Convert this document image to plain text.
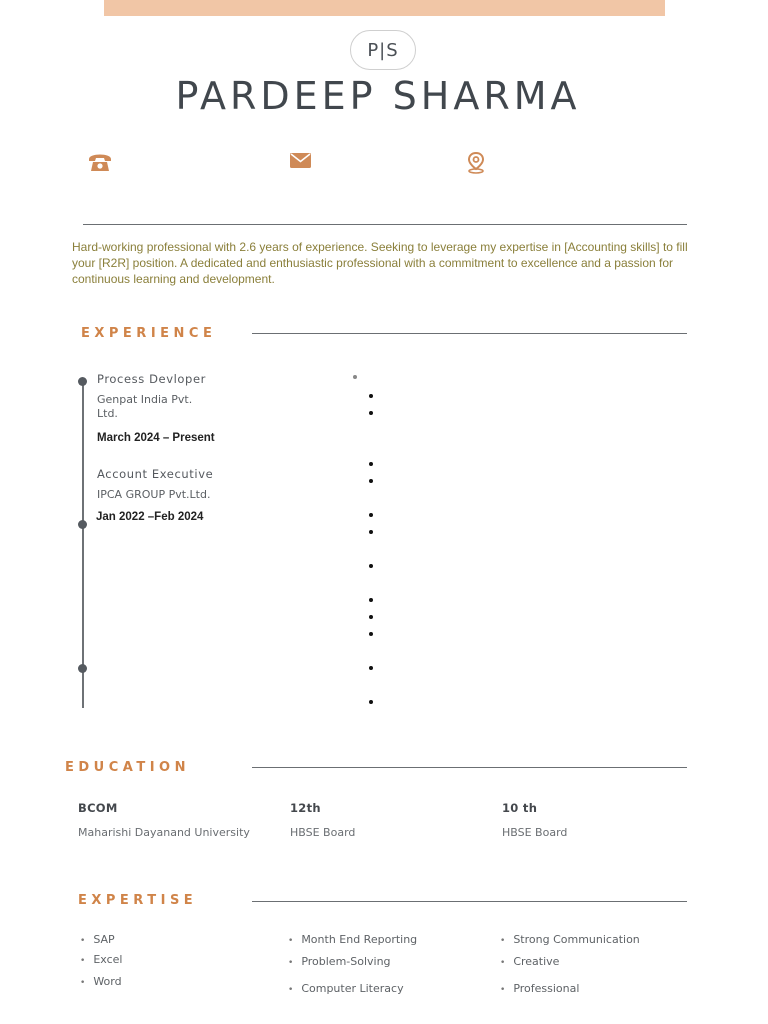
P|S
PARDEEP SHARMA
Hard-working professional with 2.6 years of experience. Seeking to leverage my expertise in [Accounting skills] to fill your [R2R] position. A dedicated and enthusiastic professional with a commitment to excellence and a passion for continuous learning and development.
EXPERIENCE
Process Devloper
Genpat India Pvt. Ltd.
March 2024 – Present
Account Executive
IPCA GROUP Pvt.Ltd.
Jan 2022 –Feb 2024
EDUCATION
BCOM
Maharishi Dayanand University
12th
HBSE Board
10 th
HBSE Board
EXPERTISE
• SAP
• Excel
• Word
• Month End Reporting
• Problem-Solving
• Computer Literacy
• Strong Communication
• Creative
• Professional
